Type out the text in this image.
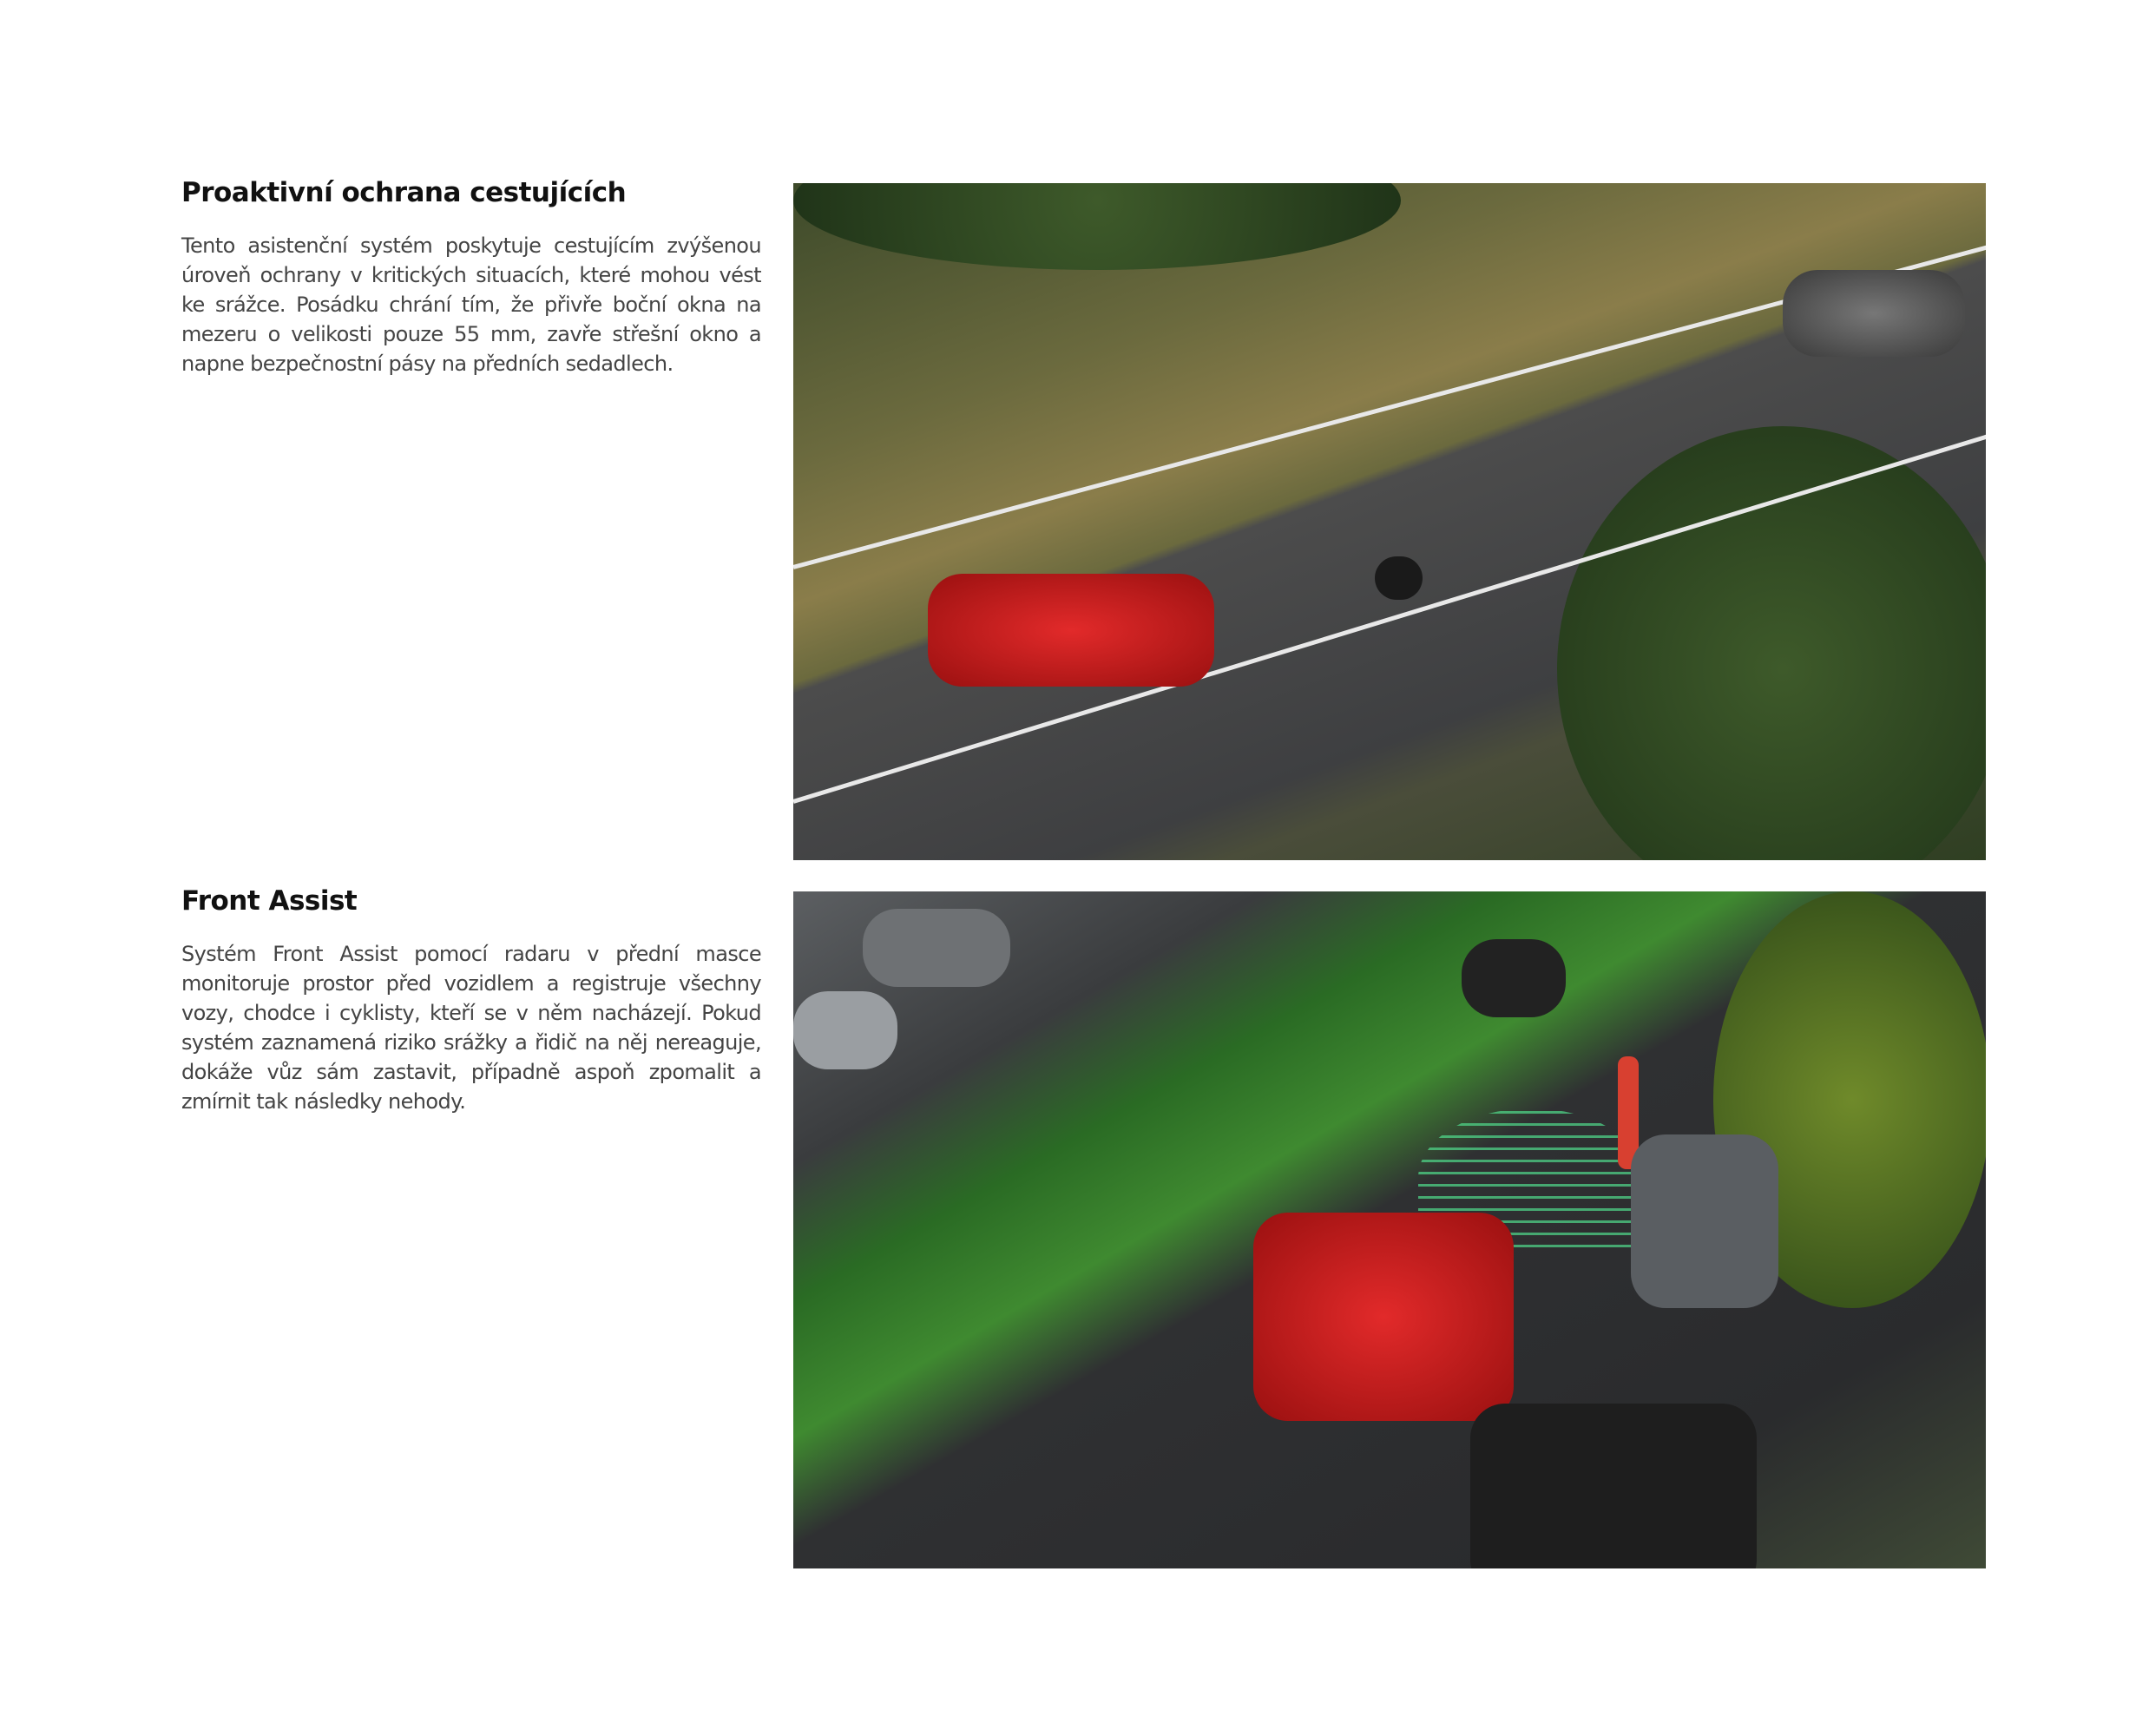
Proaktivní ochrana cestujících

Tento asistenční systém poskytuje cestujícím zvýšenou úroveň ochrany v kritických situacích, které mohou vést ke srážce. Posádku chrání tím, že přivře boční okna na mezeru o velikosti pouze 55 mm, zavře střešní okno a napne bezpečnostní pásy na předních sedadlech.

Front Assist

Systém Front Assist pomocí radaru v přední masce monitoruje prostor před vozidlem a registruje všechny vozy, chodce i cyklisty, kteří se v něm nacházejí. Pokud systém zaznamená riziko srážky a řidič na něj nereaguje, dokáže vůz sám zastavit, případně aspoň zpomalit a zmírnit tak následky nehody.
